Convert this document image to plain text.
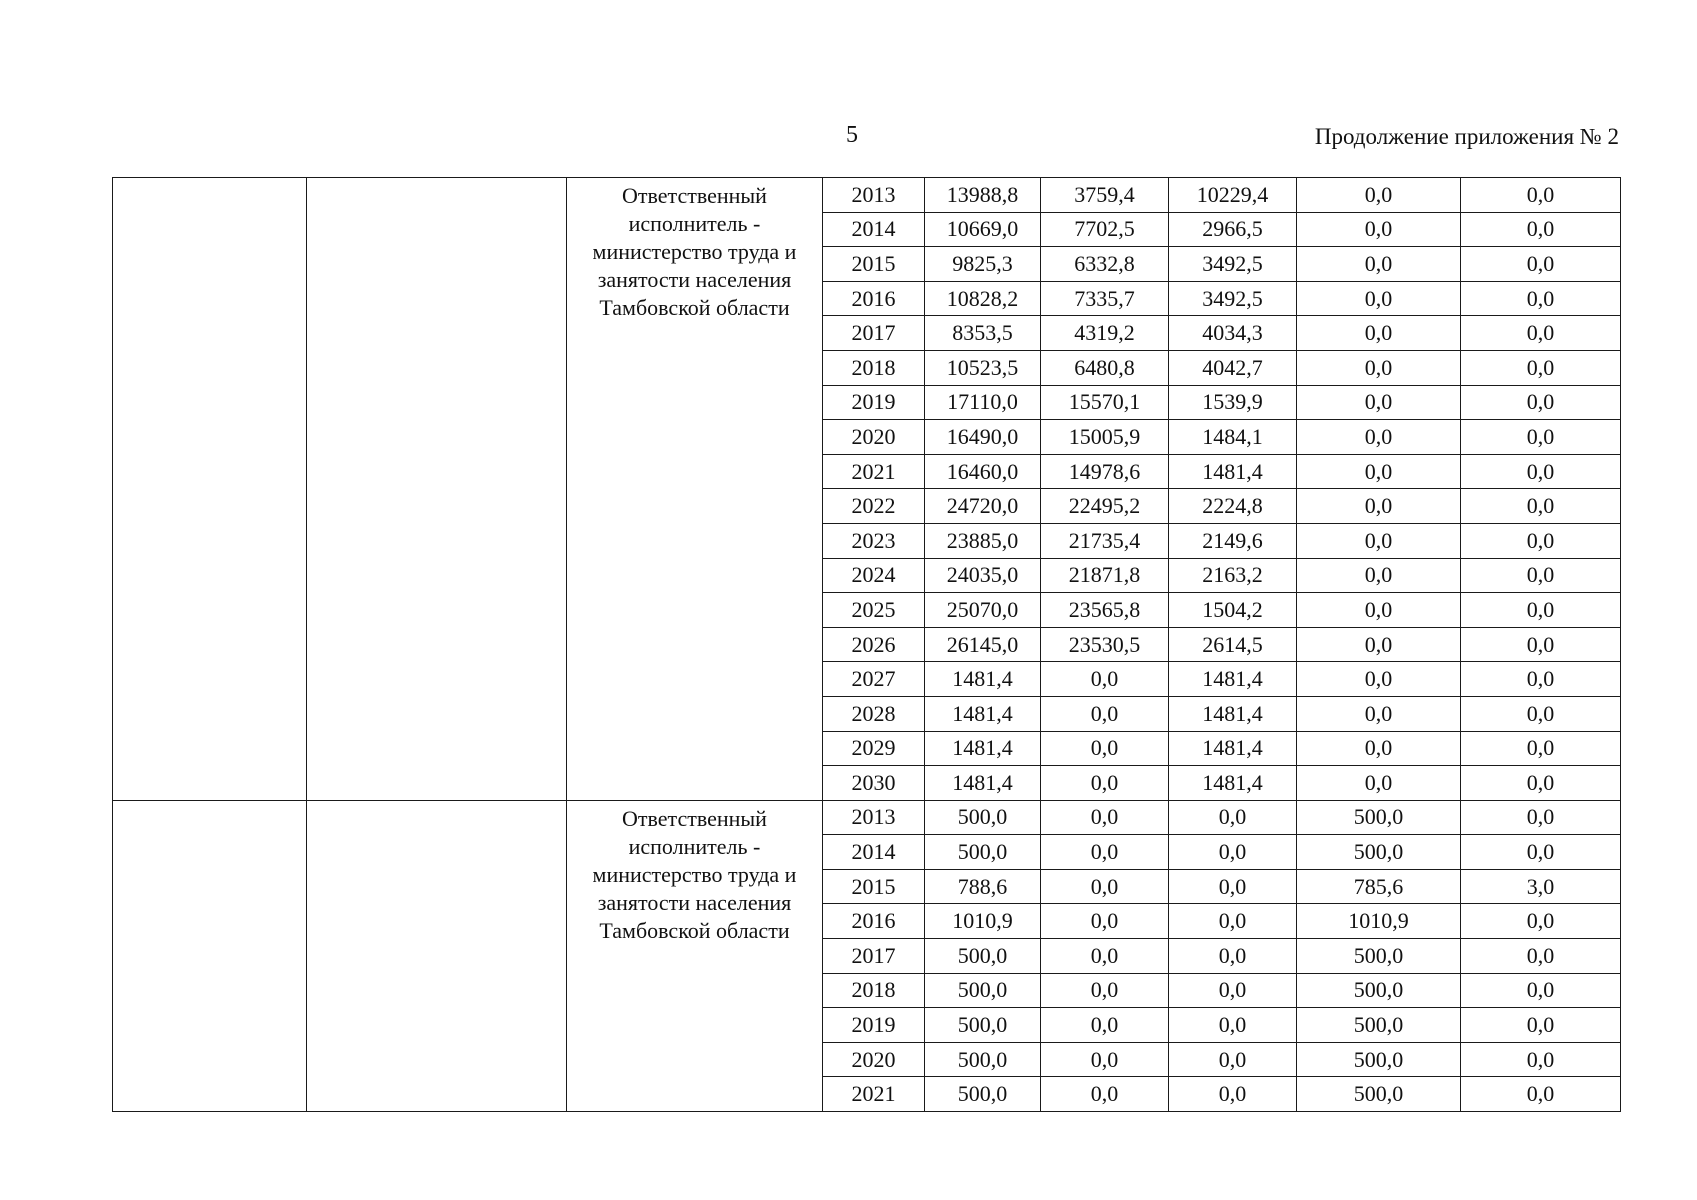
5	Продолжение приложения № 2
		Ответственный исполнитель - министерство труда и занятости населения Тамбовской области	2013	13988,8	3759,4	10229,4	0,0	0,0
			2014	10669,0	7702,5	2966,5	0,0	0,0
			2015	9825,3	6332,8	3492,5	0,0	0,0
			2016	10828,2	7335,7	3492,5	0,0	0,0
			2017	8353,5	4319,2	4034,3	0,0	0,0
			2018	10523,5	6480,8	4042,7	0,0	0,0
			2019	17110,0	15570,1	1539,9	0,0	0,0
			2020	16490,0	15005,9	1484,1	0,0	0,0
			2021	16460,0	14978,6	1481,4	0,0	0,0
			2022	24720,0	22495,2	2224,8	0,0	0,0
			2023	23885,0	21735,4	2149,6	0,0	0,0
			2024	24035,0	21871,8	2163,2	0,0	0,0
			2025	25070,0	23565,8	1504,2	0,0	0,0
			2026	26145,0	23530,5	2614,5	0,0	0,0
			2027	1481,4	0,0	1481,4	0,0	0,0
			2028	1481,4	0,0	1481,4	0,0	0,0
			2029	1481,4	0,0	1481,4	0,0	0,0
			2030	1481,4	0,0	1481,4	0,0	0,0
		Ответственный исполнитель - министерство труда и занятости населения Тамбовской области	2013	500,0	0,0	0,0	500,0	0,0
			2014	500,0	0,0	0,0	500,0	0,0
			2015	788,6	0,0	0,0	785,6	3,0
			2016	1010,9	0,0	0,0	1010,9	0,0
			2017	500,0	0,0	0,0	500,0	0,0
			2018	500,0	0,0	0,0	500,0	0,0
			2019	500,0	0,0	0,0	500,0	0,0
			2020	500,0	0,0	0,0	500,0	0,0
			2021	500,0	0,0	0,0	500,0	0,0
